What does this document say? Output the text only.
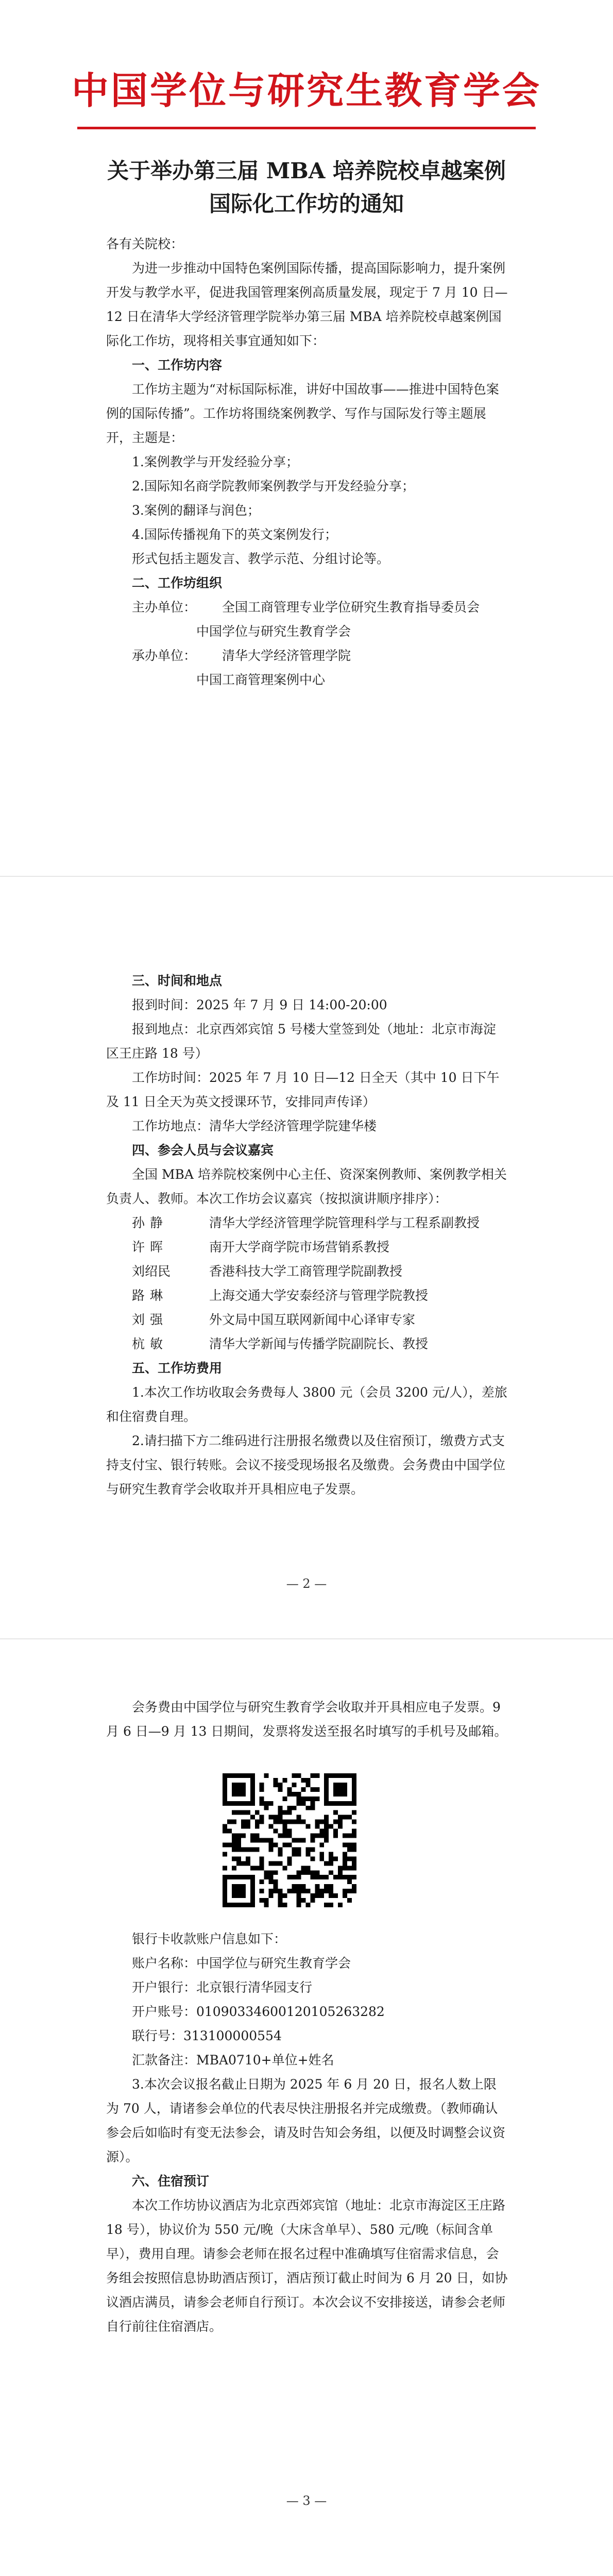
中国学位与研究生教育学会
关于举办第三届 MBA 培养院校卓越案例
国际化工作坊的通知

各有关院校：

为进一步推动中国特色案例国际传播，提高国际影响力，提升案例开发与教学水平，促进我国管理案例高质量发展，现定于 7 月 10 日—12 日在清华大学经济管理学院举办第三届 MBA 培养院校卓越案例国际化工作坊，现将相关事宜通知如下：

一、工作坊内容

工作坊主题为“对标国际标准，讲好中国故事——推进中国特色案例的国际传播”。工作坊将围绕案例教学、写作与国际发行等主题展开，主题是：

1.案例教学与开发经验分享；

2.国际知名商学院教师案例教学与开发经验分享；

3.案例的翻译与润色；

4.国际传播视角下的英文案例发行；

形式包括主题发言、教学示范、分组讨论等。

二、工作坊组织

主办单位：	全国工商管理专业学位研究生教育指导委员会

中国学位与研究生教育学会

承办单位：	清华大学经济管理学院

中国工商管理案例中心

三、时间和地点

报到时间：2025 年 7 月 9 日 14:00-20:00

报到地点：北京西郊宾馆 5 号楼大堂签到处（地址：北京市海淀区王庄路 18 号）

工作坊时间：2025 年 7 月 10 日—12 日全天（其中 10 日下午及 11 日全天为英文授课环节，安排同声传译）

工作坊地点：清华大学经济管理学院建华楼

四、参会人员与会议嘉宾

全国 MBA 培养院校案例中心主任、资深案例教师、案例教学相关负责人、教师。本次工作坊会议嘉宾（按拟演讲顺序排序）：

孙静	清华大学经济管理学院管理科学与工程系副教授

许晖	南开大学商学院市场营销系教授

刘绍民	香港科技大学工商管理学院副教授

路琳	上海交通大学安泰经济与管理学院教授

刘强	外文局中国互联网新闻中心译审专家

杭敏	清华大学新闻与传播学院副院长、教授

五、工作坊费用

1.本次工作坊收取会务费每人 3800 元（会员 3200 元/人），差旅和住宿费自理。

2.请扫描下方二维码进行注册报名缴费以及住宿预订，缴费方式支持支付宝、银行转账。会议不接受现场报名及缴费。会务费由中国学位与研究生教育学会收取并开具相应电子发票。

— 2 —

会务费由中国学位与研究生教育学会收取并开具相应电子发票。9 月 6 日—9 月 13 日期间，发票将发送至报名时填写的手机号及邮箱。

银行卡收款账户信息如下：

账户名称：中国学位与研究生教育学会

开户银行：北京银行清华园支行

开户账号：01090334600120105263282

联行号：313100000554

汇款备注：MBA0710+单位+姓名

3.本次会议报名截止日期为 2025 年 6 月 20 日，报名人数上限为 70 人，请诸参会单位的代表尽快注册报名并完成缴费。（教师确认参会后如临时有变无法参会，请及时告知会务组，以便及时调整会议资源）。

六、住宿预订

本次工作坊协议酒店为北京西郊宾馆（地址：北京市海淀区王庄路 18 号），协议价为 550 元/晚（大床含单早）、580 元/晚（标间含单早），费用自理。请参会老师在报名过程中准确填写住宿需求信息，会务组会按照信息协助酒店预订，酒店预订截止时间为 6 月 20 日，如协议酒店满员，请参会老师自行预订。本次会议不安排接送，请参会老师自行前往住宿酒店。

— 3 —
